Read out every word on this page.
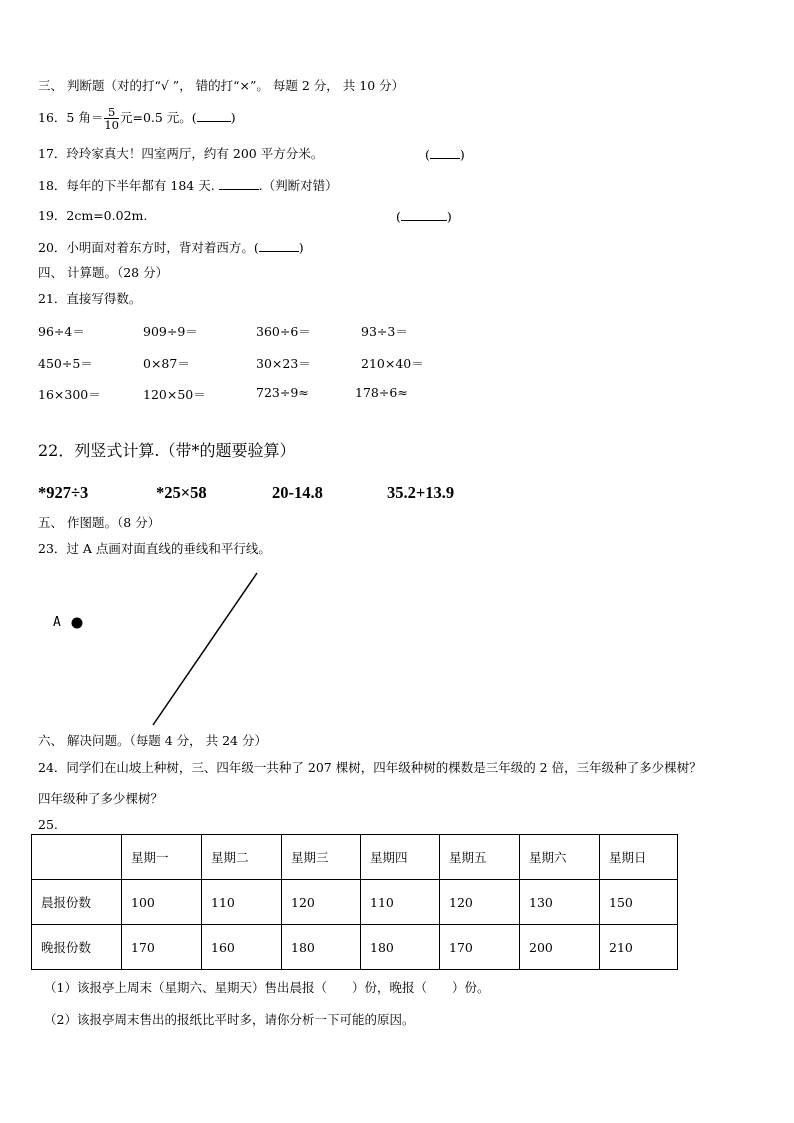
三、 判断题（对的打“√ ”， 错的打“×”。 每题 2 分， 共 10 分）
16．5 角＝ $\frac{5}{10}$ 元=0.5 元。(	)
17．玲玲家真大！四室两厅，约有 200 平方分米。	( )
18．每年的下半年都有 184 天.	.（判断对错）
19．2cm=0.02m.	(	)
20．小明面对着东方时，背对着西方。(	)
四、 计算题。（28 分）
21．直接写得数。
96÷4＝	909÷9＝	360÷6＝	93÷3＝
450÷5＝	0×87＝	30×23＝	210×40＝
16×300＝	120×50＝	723÷9≈	178÷6≈
22．列竖式计算.（带*的题要验算）
*927÷3	*25×58	20-14.8	35.2+13.9
五、 作图题。（8 分）
23．过 A 点画对面直线的垂线和平行线。
A
六、 解决问题。（每题 4 分， 共 24 分）
24．同学们在山坡上种树，三、四年级一共种了 207 棵树，四年级种树的棵数是三年级的 2 倍，三年级种了多少棵树？
四年级种了多少棵树？
25.
	星期一	星期二	星期三	星期四	星期五	星期六	星期日
晨报份数	100	110	120	110	120	130	150
晚报份数	170	160	180	180	170	200	210
（1）该报亭上周末（星期六、星期天）售出晨报（　　）份，晚报（　　）份。
（2）该报亭周末售出的报纸比平时多，请你分析一下可能的原因。
